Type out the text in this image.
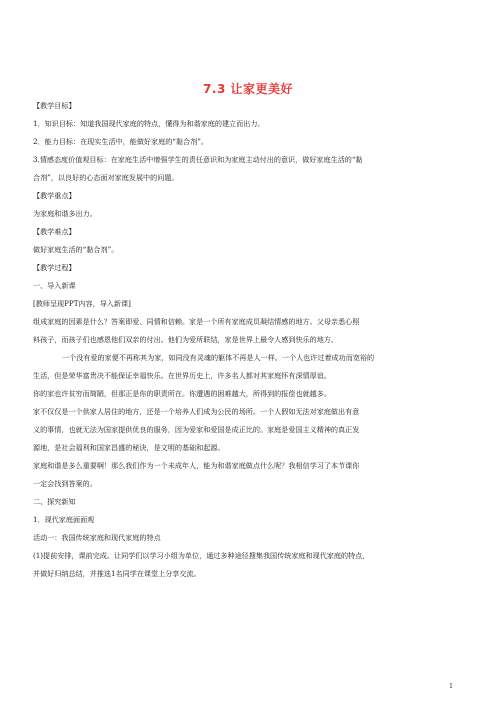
7.3 让家更美好
【教学目标】
1．知识目标：知道我国现代家庭的特点，懂得为和谐家庭的建立而出力。
2．能力目标：在现实生活中，能做好家庭的“黏合剂”。
3.情感态度价值观目标：在家庭生活中增强学生的责任意识和为家庭主动付出的意识，做好家庭生活的“黏
合剂”，以良好的心态面对家庭发展中的问题。
【教学重点】
为家庭和谐多出力。
【教学难点】
做好家庭生活的“黏合剂”。
【教学过程】
一、导入新课
[教师呈现PPT内容，导入新课]
组成家庭的因素是什么？答案即爱、同情和信赖。家是一个所有家庭成员凝结情感的地方。父母亲悉心照
料孩子，而孩子们也感恩他们双亲的付出。他们为爱所联结，家是世界上最令人感到快乐的地方。
一个没有爱的家便不再称其为家，如同没有灵魂的躯体不再是人一样。一个人也许过着成功而宽裕的
生活，但是荣华富贵决不能保证幸福快乐。在世界历史上，许多名人都对其家庭怀有深情厚谊。
你的家也许贫穷而简陋，但那正是你的职责所在。你遭遇的困难越大，所得到的报偿也就越多。
家不仅仅是一个供家人居住的地方，还是一个培养人们成为公民的场所。一个人假如无法对家庭做出有意
义的事情，也就无法为国家提供优良的服务，因为爱家和爱国是成正比的。家庭是爱国主义精神的真正发
源地，是社会福利和国家昌盛的秘诀，是文明的基础和起源。
家庭和谐是多么重要啊！那么我们作为一个未成年人，能为和谐家庭做点什么呢？我相信学习了本节课你
一定会找到答案的。
二、探究新知
1．现代家庭面面观
活动一：我国传统家庭和现代家庭的特点
(1)提前安排，课前完成。让同学们以学习小组为单位，通过多种途径搜集我国传统家庭和现代家庭的特点，
并做好归纳总结，并推选1名同学在课堂上分享交流。
1
